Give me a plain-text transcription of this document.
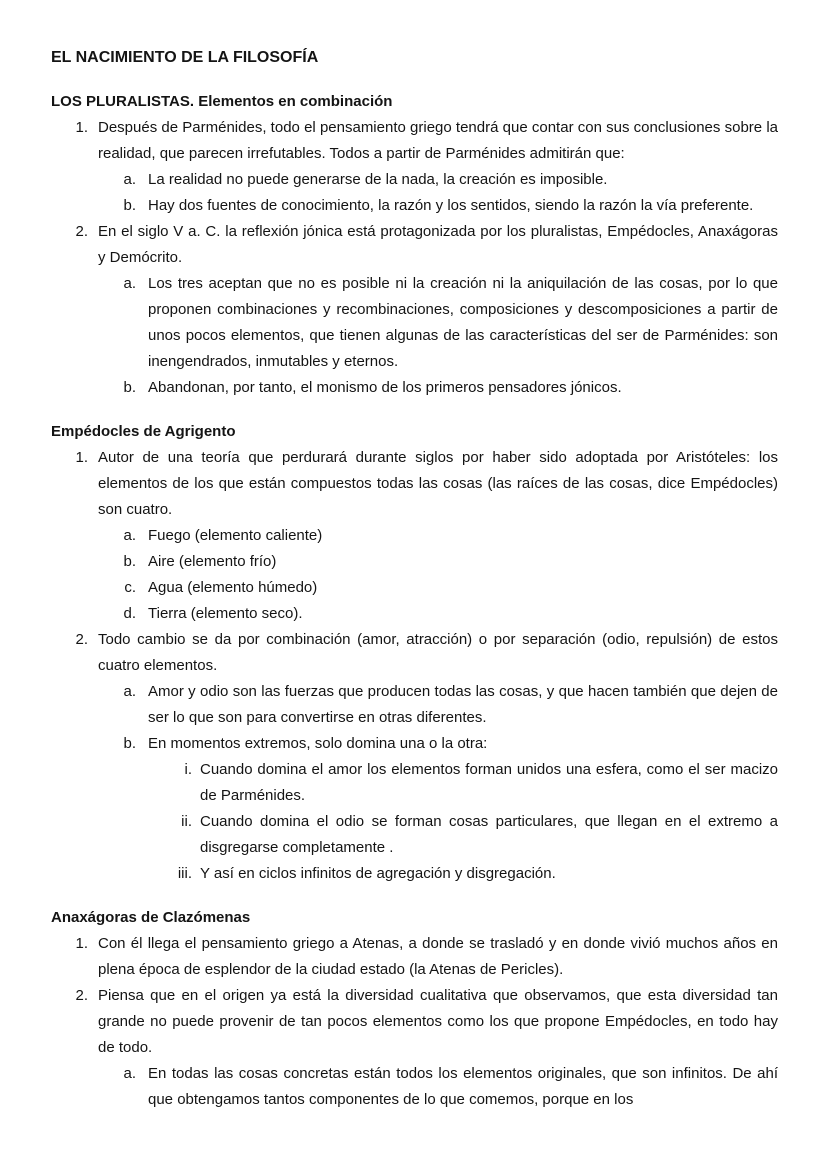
EL NACIMIENTO DE LA FILOSOFÍA
LOS PLURALISTAS. Elementos en combinación
1. Después de Parménides, todo el pensamiento griego tendrá que contar con sus conclusiones sobre la realidad, que parecen irrefutables. Todos a partir de Parménides admitirán que:
a. La realidad no puede generarse de la nada, la creación es imposible.
b. Hay dos fuentes de conocimiento, la razón y los sentidos, siendo la razón la vía preferente.
2. En el siglo V a. C. la reflexión jónica está protagonizada por los pluralistas, Empédocles, Anaxágoras y Demócrito.
a. Los tres aceptan que no es posible ni la creación ni la aniquilación de las cosas, por lo que proponen combinaciones y recombinaciones, composiciones y descomposiciones a partir de unos pocos elementos, que tienen algunas de las características del ser de Parménides: son inengendrados, inmutables y eternos.
b. Abandonan, por tanto, el monismo de los primeros pensadores jónicos.
Empédocles de Agrigento
1. Autor de una teoría que perdurará durante siglos por haber sido adoptada por Aristóteles: los elementos de los que están compuestos todas las cosas (las raíces de las cosas, dice Empédocles) son cuatro.
a. Fuego (elemento caliente)
b. Aire (elemento frío)
c. Agua (elemento húmedo)
d. Tierra (elemento seco).
2. Todo cambio se da por combinación (amor, atracción) o por separación (odio, repulsión) de estos cuatro elementos.
a. Amor y odio son las fuerzas que producen todas las cosas, y que hacen también que dejen de ser lo que son para convertirse en otras diferentes.
b. En momentos extremos, solo domina una o la otra:
i. Cuando domina el amor los elementos forman unidos una esfera, como el ser macizo de Parménides.
ii. Cuando domina el odio se forman cosas particulares, que llegan en el extremo a disgregarse completamente .
iii. Y así en ciclos infinitos de agregación y disgregación.
Anaxágoras de Clazómenas
1. Con él llega el pensamiento griego a Atenas, a donde se trasladó y en donde vivió muchos años en plena época de esplendor de la ciudad estado (la Atenas de Pericles).
2. Piensa que en el origen ya está la diversidad cualitativa que observamos, que esta diversidad tan grande no puede provenir de tan pocos elementos como los que propone Empédocles, en todo hay de todo.
a. En todas las cosas concretas están todos los elementos originales, que son infinitos. De ahí que obtengamos tantos componentes de lo que comemos, porque en los
